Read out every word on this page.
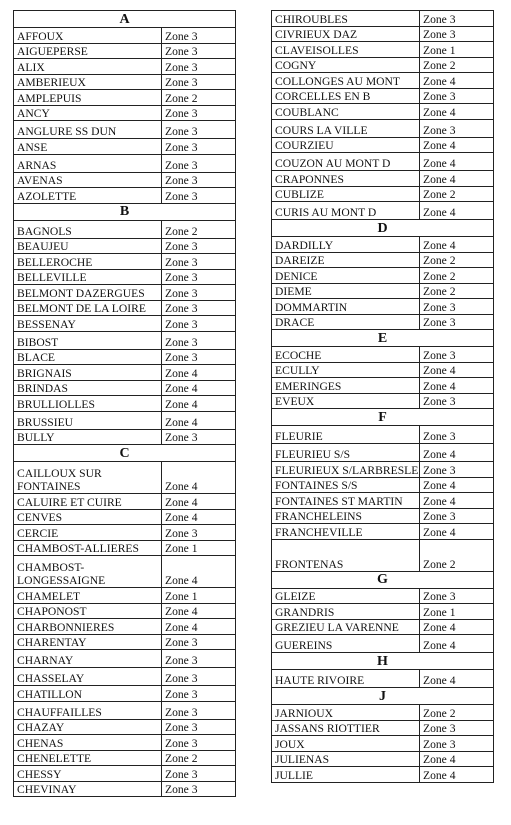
A	
AFFOUX	Zone 3
AIGUEPERSE	Zone 3
ALIX	Zone 3
AMBERIEUX	Zone 3
AMPLEPUIS	Zone 2
ANCY	Zone 3
ANGLURE SS DUN	Zone 3
ANSE	Zone 3
ARNAS	Zone 3
AVENAS	Zone 3
AZOLETTE	Zone 3
B	
BAGNOLS	Zone 2
BEAUJEU	Zone 3
BELLEROCHE	Zone 3
BELLEVILLE	Zone 3
BELMONT DAZERGUES	Zone 3
BELMONT DE LA LOIRE	Zone 3
BESSENAY	Zone 3
BIBOST	Zone 3
BLACE	Zone 3
BRIGNAIS	Zone 4
BRINDAS	Zone 4
BRULLIOLLES	Zone 4
BRUSSIEU	Zone 4
BULLY	Zone 3
C	
CAILLOUX SUR
FONTAINES	Zone 4
CALUIRE ET CUIRE	Zone 4
CENVES	Zone 4
CERCIE	Zone 3
CHAMBOST-ALLIERES	Zone 1
CHAMBOST-
LONGESSAIGNE	Zone 4
CHAMELET	Zone 1
CHAPONOST	Zone 4
CHARBONNIERES	Zone 4
CHARENTAY	Zone 3
CHARNAY	Zone 3
CHASSELAY	Zone 3
CHATILLON	Zone 3
CHAUFFAILLES	Zone 3
CHAZAY	Zone 3
CHENAS	Zone 3
CHENELETTE	Zone 2
CHESSY	Zone 3
CHEVINAY	Zone 3
CHIROUBLES	Zone 3
CIVRIEUX DAZ	Zone 3
CLAVEISOLLES	Zone 1
COGNY	Zone 2
COLLONGES AU MONT	Zone 4
CORCELLES EN B	Zone 3
COUBLANC	Zone 4
COURS LA VILLE	Zone 3
COURZIEU	Zone 4
COUZON AU MONT D	Zone 4
CRAPONNES	Zone 4
CUBLIZE	Zone 2
CURIS AU MONT D	Zone 4
D	
DARDILLY	Zone 4
DAREIZE	Zone 2
DENICE	Zone 2
DIEME	Zone 2
DOMMARTIN	Zone 3
DRACE	Zone 3
E	
ECOCHE	Zone 3
ECULLY	Zone 4
EMERINGES	Zone 4
EVEUX	Zone 3
F	
FLEURIE	Zone 3
FLEURIEU S/S	Zone 4
FLEURIEUX S/LARBRESLE	Zone 3
FONTAINES S/S	Zone 4
FONTAINES ST MARTIN	Zone 4
FRANCHELEINS	Zone 3
FRANCHEVILLE	Zone 4
FRONTENAS	Zone 2
G	
GLEIZE	Zone 3
GRANDRIS	Zone 1
GREZIEU LA VARENNE	Zone 4
GUEREINS	Zone 4
H	
HAUTE RIVOIRE	Zone 4
J	
JARNIOUX	Zone 2
JASSANS RIOTTIER	Zone 3
JOUX	Zone 3
JULIENAS	Zone 4
JULLIE	Zone 4
